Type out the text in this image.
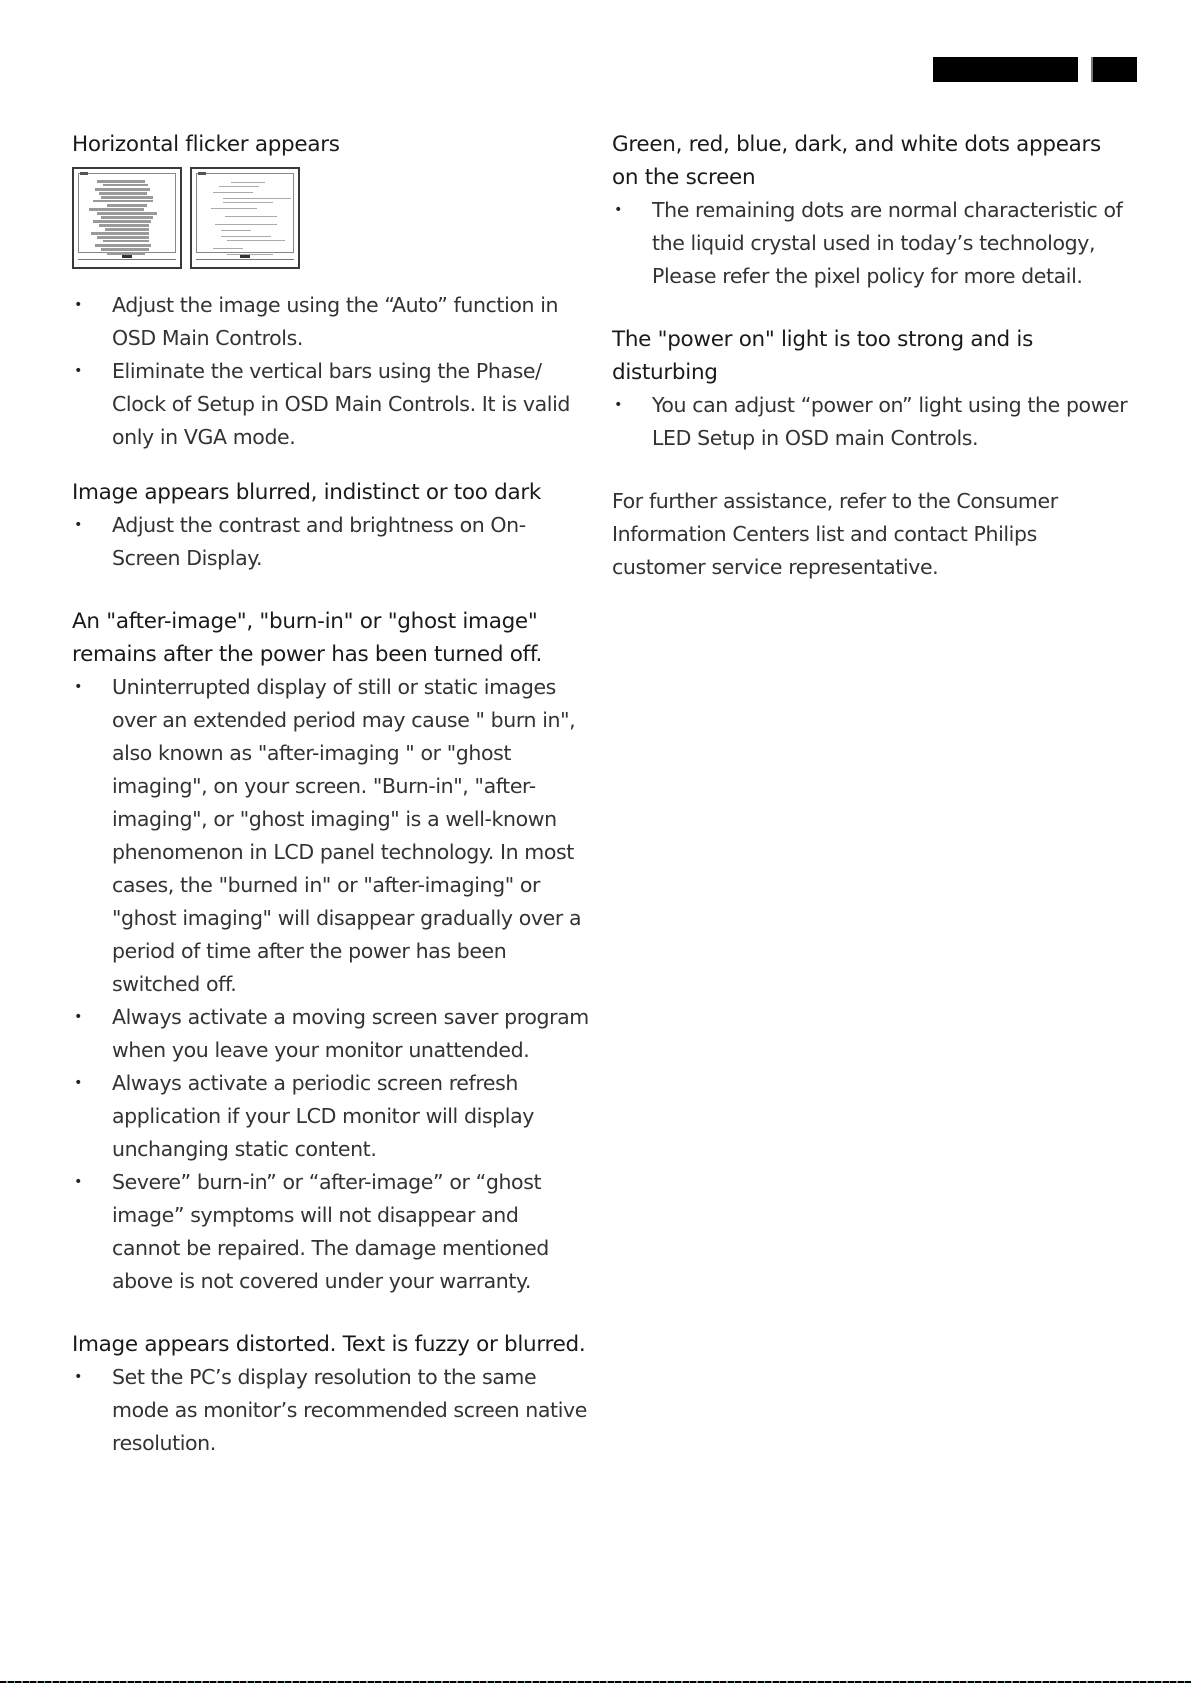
Horizontal flicker appears
• Adjust the image using the “Auto” function in OSD Main Controls.
• Eliminate the vertical bars using the Phase/ Clock of Setup in OSD Main Controls. It is valid only in VGA mode.
Image appears blurred, indistinct or too dark
• Adjust the contrast and brightness on On-Screen Display.
An "after-image", "burn-in" or "ghost image" remains after the power has been turned off.
• Uninterrupted display of still or static images over an extended period may cause " burn in", also known as "after-imaging " or "ghost imaging", on your screen. "Burn-in", "after-imaging", or "ghost imaging" is a well-known phenomenon in LCD panel technology. In most cases, the "burned in" or "after-imaging" or "ghost imaging" will disappear gradually over a period of time after the power has been switched off.
• Always activate a moving screen saver program when you leave your monitor unattended.
• Always activate a periodic screen refresh application if your LCD monitor will display unchanging static content.
• Severe” burn-in” or “after-image” or “ghost image” symptoms will not disappear and cannot be repaired. The damage mentioned above is not covered under your warranty.
Image appears distorted. Text is fuzzy or blurred.
• Set the PC’s display resolution to the same mode as monitor’s recommended screen native resolution.
Green, red, blue, dark, and white dots appears on the screen
• The remaining dots are normal characteristic of the liquid crystal used in today’s technology, Please refer the pixel policy for more detail.
The "power on" light is too strong and is disturbing
• You can adjust “power on” light using the power LED Setup in OSD main Controls.

For further assistance, refer to the Consumer Information Centers list and contact Philips customer service representative.
